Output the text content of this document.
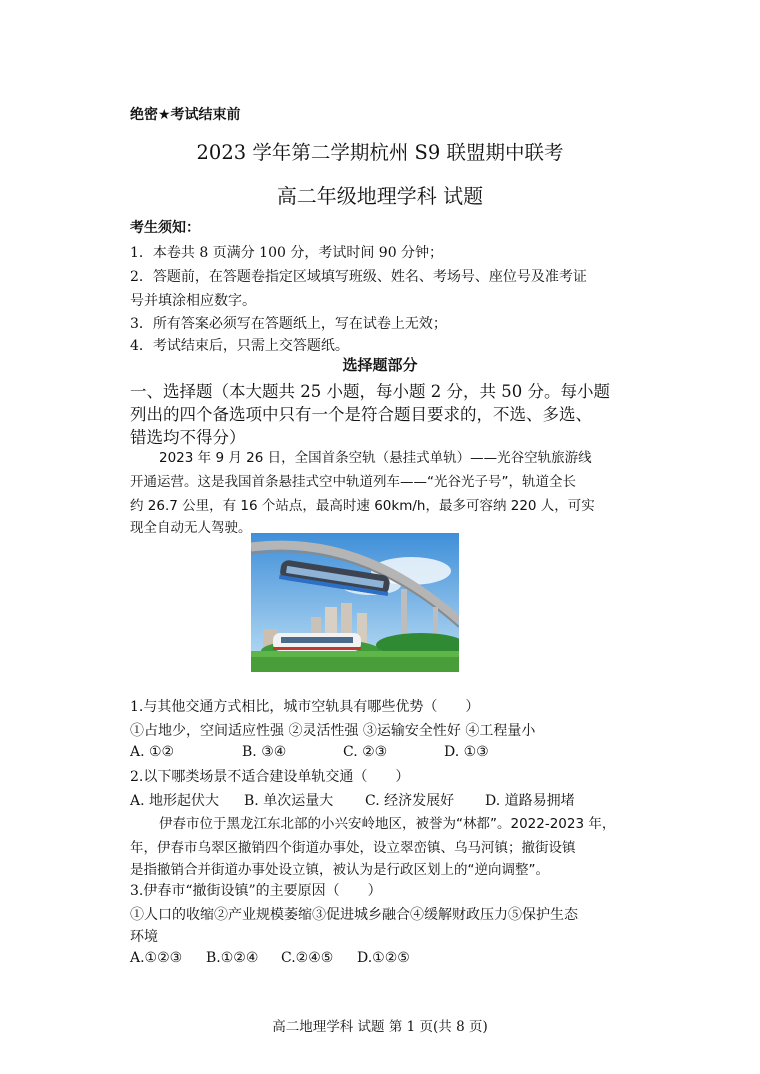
绝密★考试结束前
2023 学年第二学期杭州 S9 联盟期中联考
高二年级地理学科 试题
考生须知：
1．本卷共 8 页满分 100 分，考试时间 90 分钟；
2．答题前，在答题卷指定区域填写班级、姓名、考场号、座位号及准考证
号并填涂相应数字。
3．所有答案必须写在答题纸上，写在试卷上无效；
4．考试结束后，只需上交答题纸。
选择题部分
一、选择题（本大题共 25 小题，每小题 2 分，共 50 分。每小题
列出的四个备选项中只有一个是符合题目要求的，不选、多选、
错选均不得分）
2023 年 9 月 26 日，全国首条空轨（悬挂式单轨）——光谷空轨旅游线
开通运营。这是我国首条悬挂式空中轨道列车——“光谷光子号”，轨道全长
约 26.7 公里，有 16 个站点，最高时速 60km/h，最多可容纳 220 人，可实
现全自动无人驾驶。
1.与其他交通方式相比，城市空轨具有哪些优势（　　）
①占地少，空间适应性强 ②灵活性强 ③运输安全性好 ④工程量小
A. ①②	B. ③④	C. ②③	D. ①③
2.以下哪类场景不适合建设单轨交通（　　）
A. 地形起伏大 B. 单次运量大 C. 经济发展好 D. 道路易拥堵
伊春市位于黑龙江东北部的小兴安岭地区，被誉为“林都”。2022-2023 年，
年，伊春市乌翠区撤销四个街道办事处，设立翠峦镇、乌马河镇；撤街设镇
是指撤销合并街道办事处设立镇，被认为是行政区划上的“逆向调整”。
3.伊春市“撤街设镇”的主要原因（　　）
①人口的收缩②产业规模萎缩③促进城乡融合④缓解财政压力⑤保护生态
环境
A.①②③ B.①②④ C.②④⑤ D.①②⑤
高二地理学科 试题 第 1 页(共 8 页)
